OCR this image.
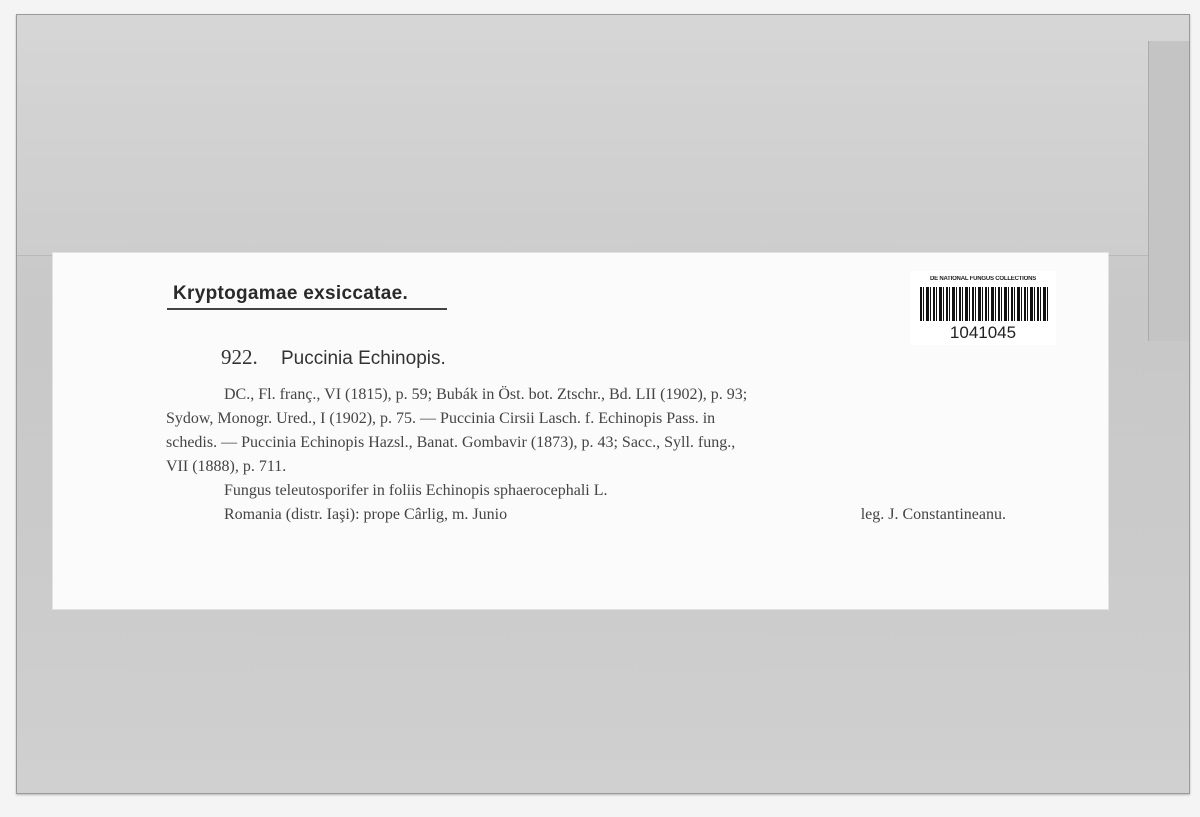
Kryptogamae exsiccatae.
DE NATIONAL FUNGUS COLLECTIONS
1041045
922. Puccinia Echinopis.
DC., Fl. franç., VI (1815), p. 59; Bubák in Öst. bot. Ztschr., Bd. LII (1902), p. 93;
Sydow, Monogr. Ured., I (1902), p. 75. — Puccinia Cirsii Lasch. f. Echinopis Pass. in
schedis. — Puccinia Echinopis Hazsl., Banat. Gombavir (1873), p. 43; Sacc., Syll. fung.,
VII (1888), p. 711.
Fungus teleutosporifer in foliis Echinopis sphaerocephali L.
Romania (distr. Iaşi): prope Cârlig, m. Junio	leg. J. Constantineanu.
